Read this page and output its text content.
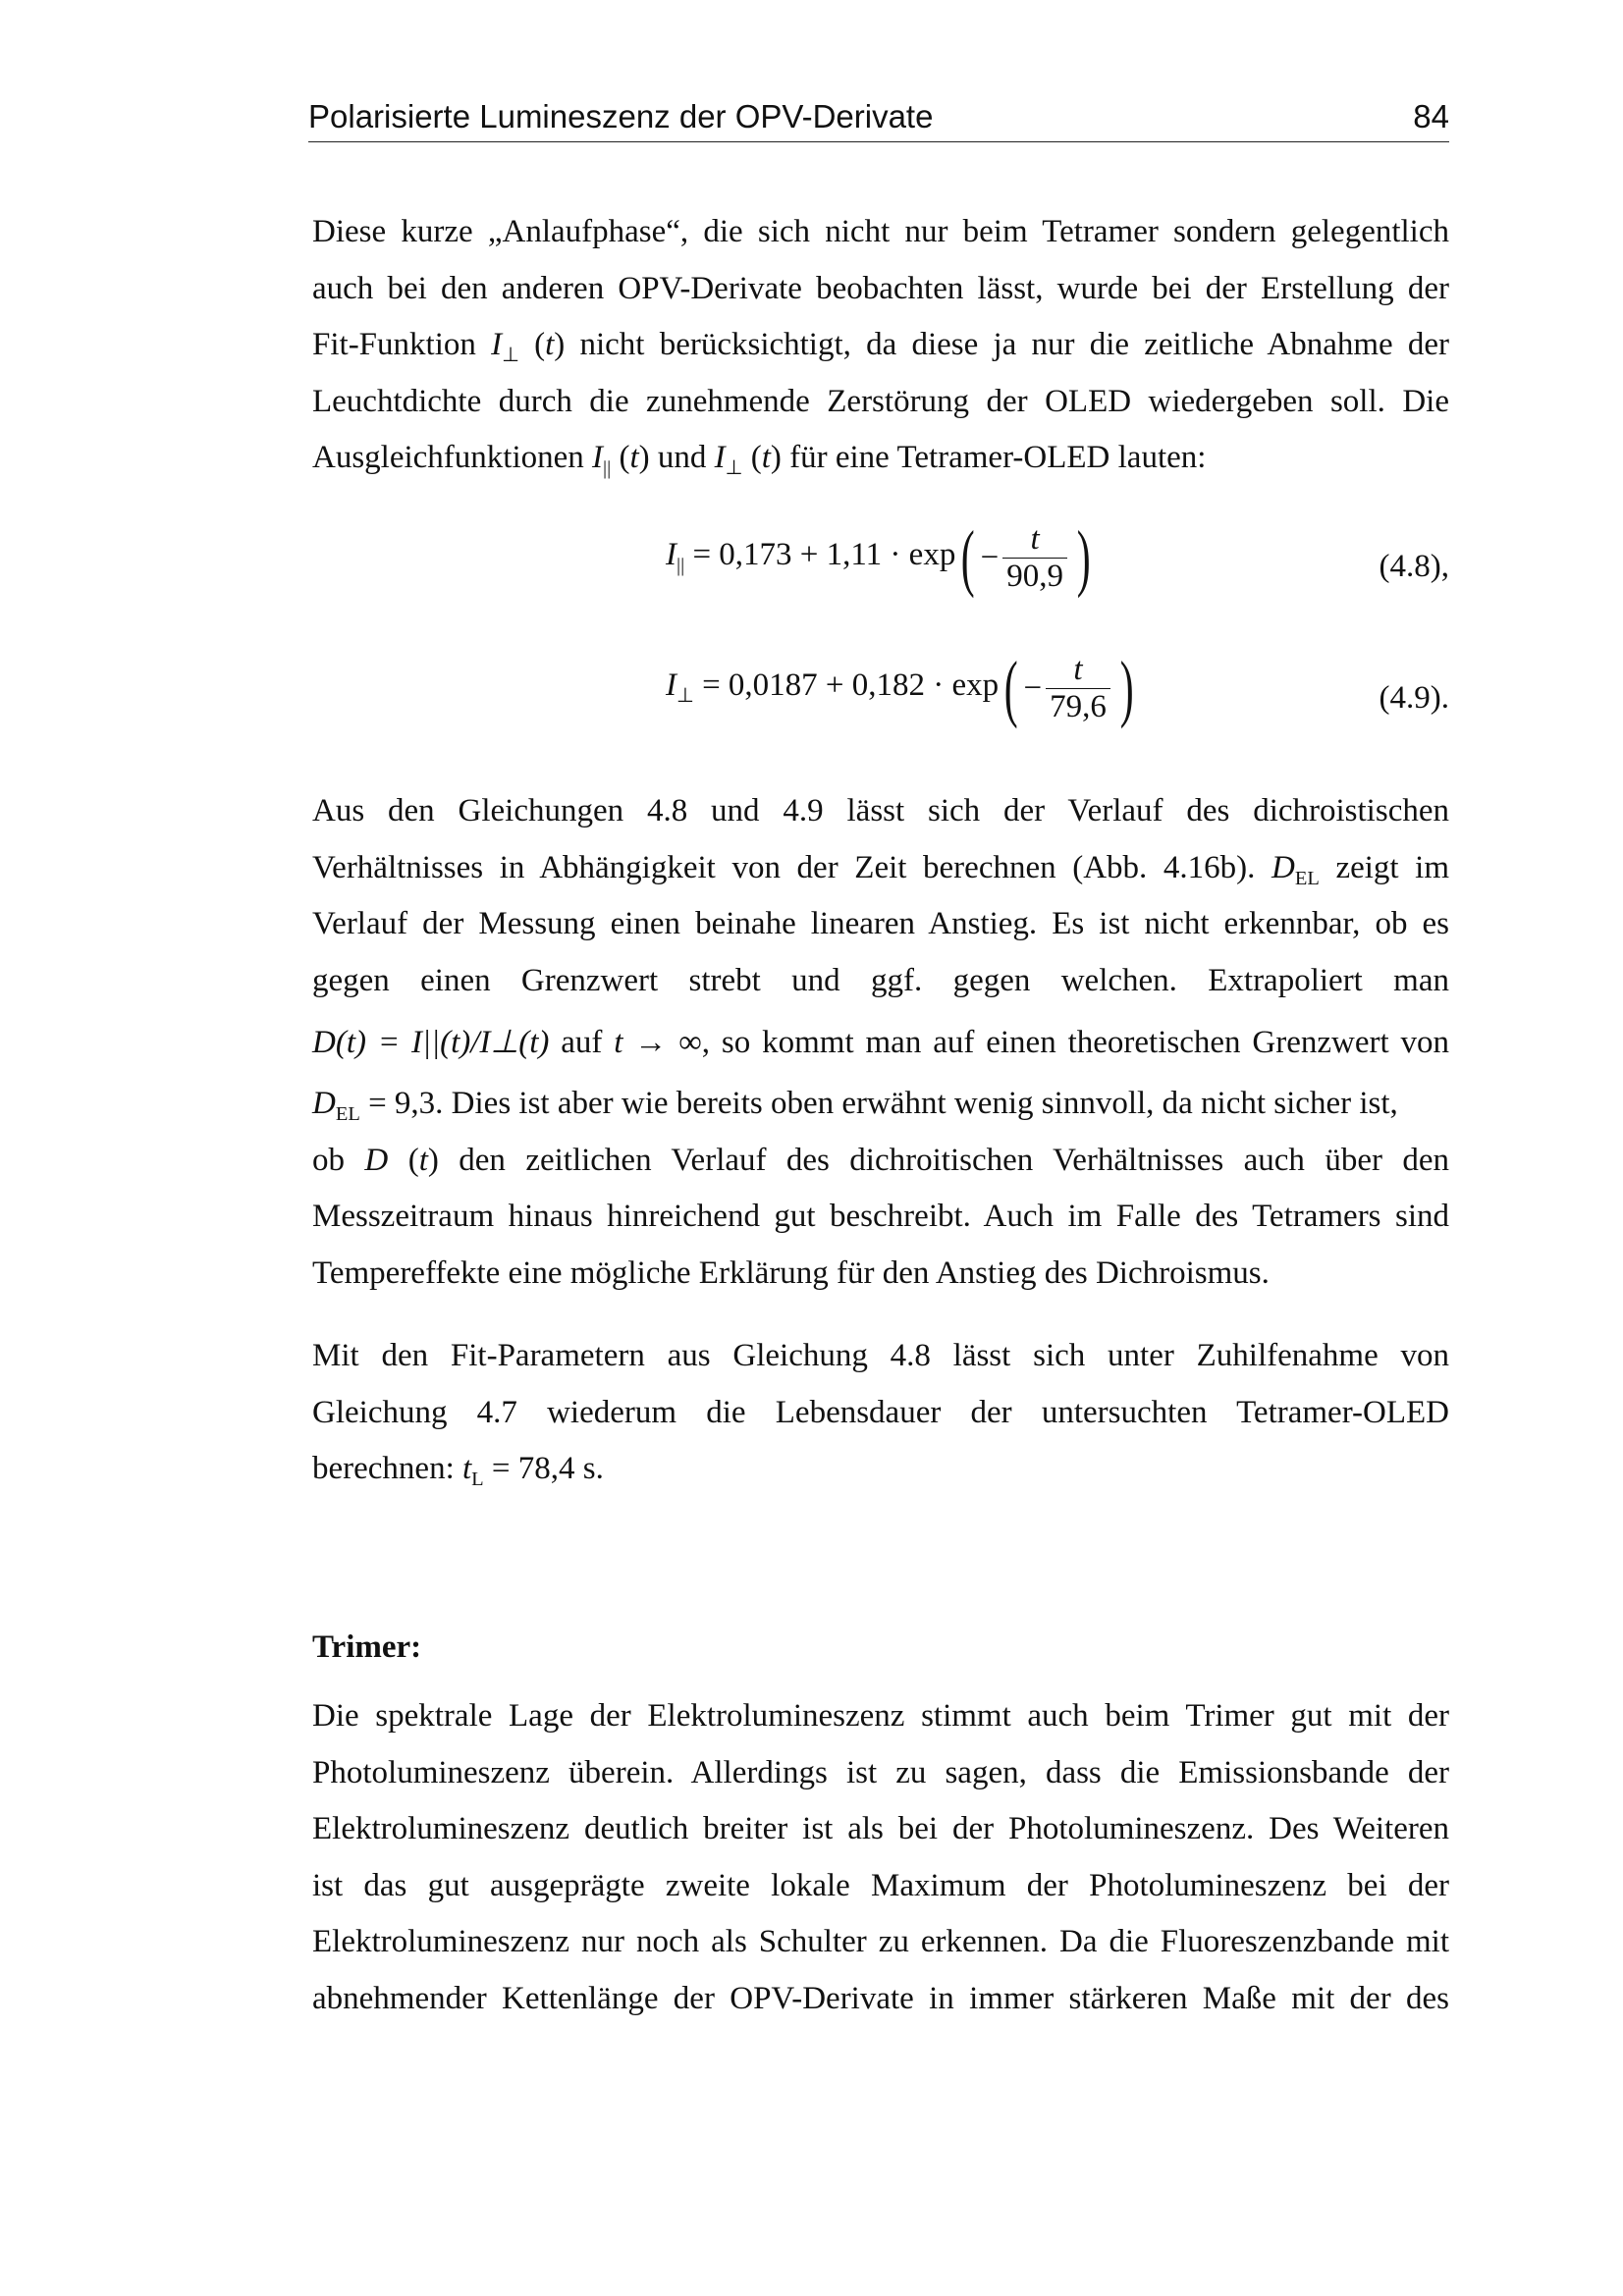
Polarisierte Lumineszenz der OPV-Derivate	84
Diese kurze „Anlaufphase“, die sich nicht nur beim Tetramer sondern gelegentlich
auch bei den anderen OPV-Derivate beobachten lässt, wurde bei der Erstellung der
Fit-Funktion $I_\perp$ (t) nicht berücksichtigt, da diese ja nur die zeitliche Abnahme der
Leuchtdichte durch die zunehmende Zerstörung der OLED wiedergeben soll. Die
Ausgleichfunktionen $I_{||}$ (t) und $I_\perp$ (t) für eine Tetramer-OLED lauten:
$I_{||} = 0,173 + 1,11 \cdot \exp( - \frac{t}{90,9}$ )	(4.8),
$I_\perp = 0,0187 + 0,182 \cdot \exp( - \frac{t}{79,6}$ )	(4.9).
Aus den Gleichungen 4.8 und 4.9 lässt sich der Verlauf des dichroistischen
Verhältnisses in Abhängigkeit von der Zeit berechnen (Abb. 4.16b). $D_{EL}$ zeigt im
Verlauf der Messung einen beinahe linearen Anstieg. Es ist nicht erkennbar, ob es
gegen einen Grenzwert strebt und ggf. gegen welchen. Extrapoliert man
D(t) = I||(t)/I⊥(t) auf t → ∞, so kommt man auf einen theoretischen Grenzwert von
$D_{EL} = 9,3$. Dies ist aber wie bereits oben erwähnt wenig sinnvoll, da nicht sicher ist,
ob D (t) den zeitlichen Verlauf des dichroitischen Verhältnisses auch über den
Messzeitraum hinaus hinreichend gut beschreibt. Auch im Falle des Tetramers sind
Tempereffekte eine mögliche Erklärung für den Anstieg des Dichroismus.
Mit den Fit-Parametern aus Gleichung 4.8 lässt sich unter Zuhilfenahme von
Gleichung 4.7 wiederum die Lebensdauer der untersuchten Tetramer-OLED
berechnen: $t_L = 78,4$ s.
Trimer:
Die spektrale Lage der Elektrolumineszenz stimmt auch beim Trimer gut mit der
Photolumineszenz überein. Allerdings ist zu sagen, dass die Emissionsbande der
Elektrolumineszenz deutlich breiter ist als bei der Photolumineszenz. Des Weiteren
ist das gut ausgeprägte zweite lokale Maximum der Photolumineszenz bei der
Elektrolumineszenz nur noch als Schulter zu erkennen. Da die Fluoreszenzbande mit
abnehmender Kettenlänge der OPV-Derivate in immer stärkeren Maße mit der des
